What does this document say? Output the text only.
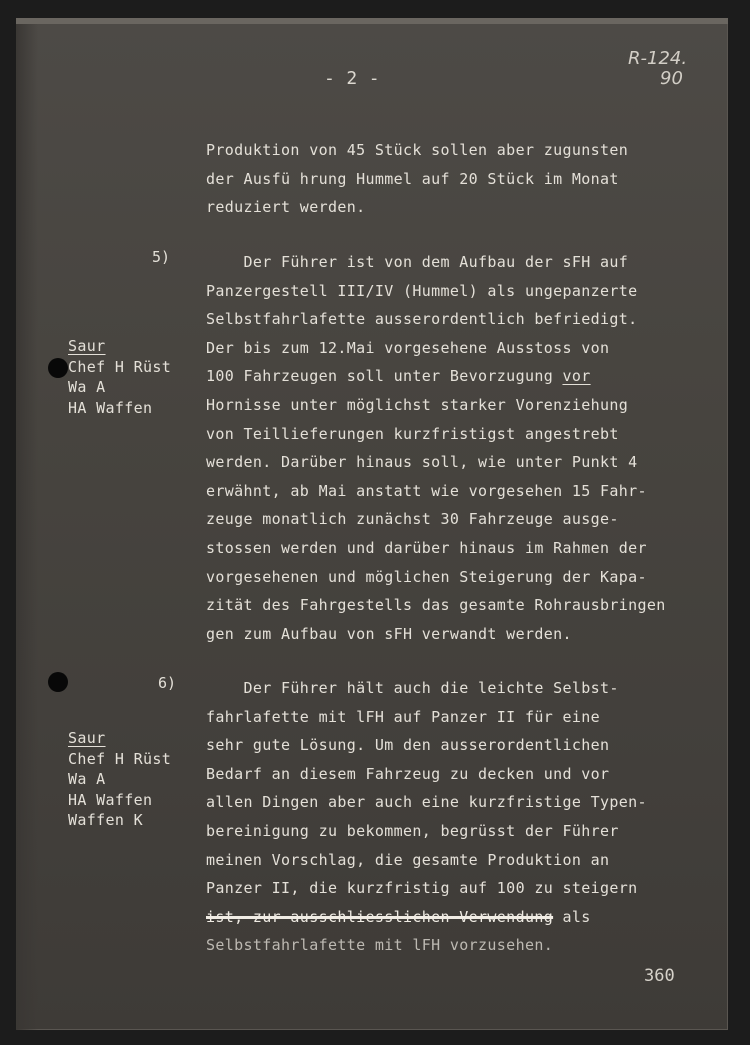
- 2 -
R-124.
90
Produktion von 45 Stück sollen aber zugunsten
der Ausfü hrung Hummel auf 20 Stück im Monat
reduziert werden.
5)
Saur
Chef H Rüst
Wa A
HA Waffen
Der Führer ist von dem Aufbau der sFH auf
Panzergestell III/IV (Hummel) als ungepanzerte
Selbstfahrlafette ausserordentlich befriedigt.
Der bis zum 12.Mai vorgesehene Ausstoss von
100 Fahrzeugen soll unter Bevorzugung vor
Hornisse unter möglichst starker Vorenziehung
von Teillieferungen kurzfristigst angestrebt
werden. Darüber hinaus soll, wie unter Punkt 4
erwähnt, ab Mai anstatt wie vorgesehen 15 Fahr-
zeuge monatlich zunächst 30 Fahrzeuge ausge-
stossen werden und darüber hinaus im Rahmen der
vorgesehenen und möglichen Steigerung der Kapa-
zität des Fahrgestells das gesamte Rohrausbringen
gen zum Aufbau von sFH verwandt werden.
6)
Saur
Chef H Rüst
Wa A
HA Waffen
Waffen K
Der Führer hält auch die leichte Selbst-
fahrlafette mit lFH auf Panzer II für eine
sehr gute Lösung. Um den ausserordentlichen
Bedarf an diesem Fahrzeug zu decken und vor
allen Dingen aber auch eine kurzfristige Typen-
bereinigung zu bekommen, begrüsst der Führer
meinen Vorschlag, die gesamte Produktion an
Panzer II, die kurzfristig auf 100 zu steigern
ist, zur ausschliesslichen Verwendung als
Selbstfahrlafette mit lFH vorzusehen.
360
